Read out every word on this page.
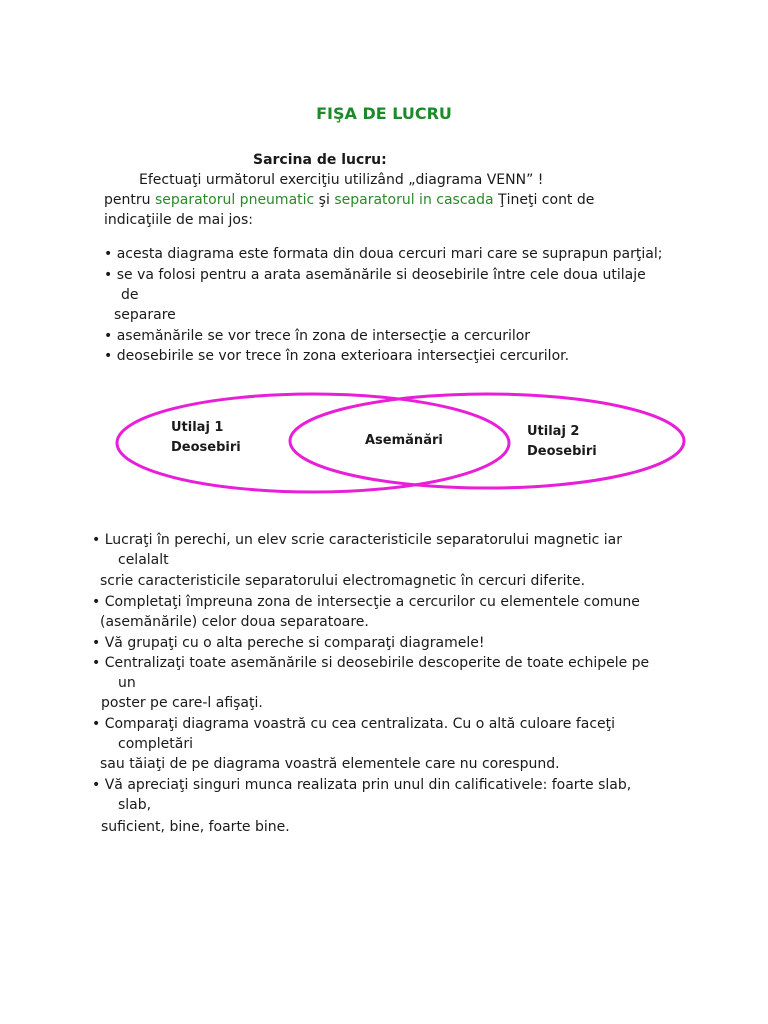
FIŞA DE LUCRU
Sarcina de lucru:
Efectuaţi următorul exerciţiu utilizând „diagrama VENN” !
pentru separatorul pneumatic şi separatorul in cascada Ţineţi cont de
indicaţiile de mai jos:
• acesta diagrama este formata din doua cercuri mari care se suprapun parţial;
• se va folosi pentru a arata asemănările si deosebirile între cele doua utilaje
de
separare
• asemănările se vor trece în zona de intersecţie a cercurilor
• deosebirile se vor trece în zona exterioara intersecţiei cercurilor.
Utilaj 1
Deosebiri	Asemănări
Utilaj 2
Deosebiri
• Lucraţi în perechi, un elev scrie caracteristicile separatorului magnetic iar
celalalt
scrie caracteristicile separatorului electromagnetic în cercuri diferite.
• Completaţi împreuna zona de intersecţie a cercurilor cu elementele comune
(asemănările) celor doua separatoare.
• Vă grupaţi cu o alta pereche si comparaţi diagramele!
• Centralizaţi toate asemănările si deosebirile descoperite de toate echipele pe
un
poster pe care-l afişaţi.
• Comparaţi diagrama voastră cu cea centralizata. Cu o altă culoare faceţi
completări
sau tăiaţi de pe diagrama voastră elementele care nu corespund.
• Vă apreciaţi singuri munca realizata prin unul din calificativele: foarte slab,
slab,
suficient, bine, foarte bine.
